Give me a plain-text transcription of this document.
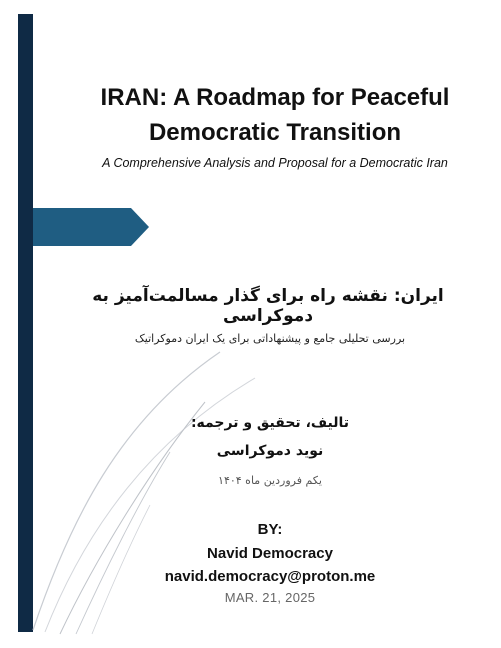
IRAN: A Roadmap for Peaceful
Democratic Transition
A Comprehensive Analysis and Proposal for a Democratic Iran
ایران: نقشه راه برای گذار مسالمت‌آمیز به دموکراسی
بررسی تحلیلی جامع و پیشنهاداتی برای یک ایران دموکراتیک
تالیف، تحقیق و ترجمه:
نوید دموکراسی
یکم فروردین ماه ۱۴۰۴
BY:
Navid Democracy
navid.democracy@proton.me
MAR. 21, 2025
